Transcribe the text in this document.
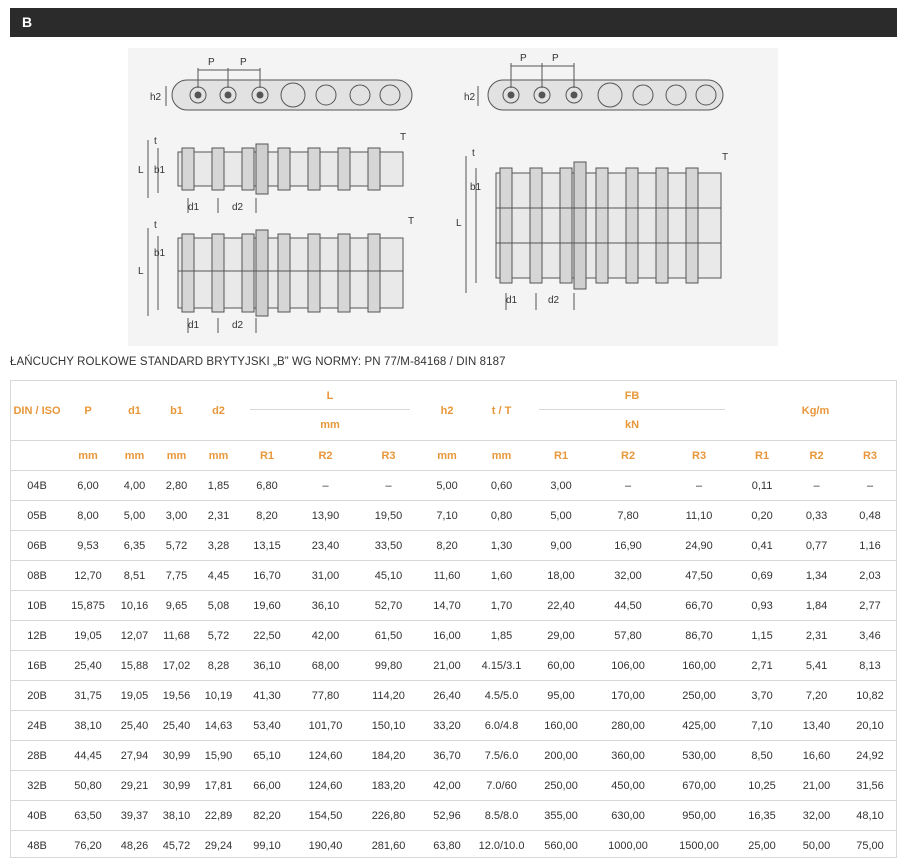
B
P	P	P	P
h2	h2
t	T
b1
L
d1	d2
t	T
b1
L
d1	d2
t	T
b1
L
d1	d2
ŁAŃCUCHY ROLKOWE STANDARD BRYTYJSKI „B” WG NORMY: PN 77/M-84168 / DIN 8187
DIN / ISO	P	d1	b1	d2	L			h2	t / T	FB			Kg/m		
					mm					kN					
	mm	mm	mm	mm	R1	R2	R3	mm	mm	R1	R2	R3	R1	R2	R3
04B	6,00	4,00	2,80	1,85	6,80	–	–	5,00	0,60	3,00	–	–	0,11	–	–
05B	8,00	5,00	3,00	2,31	8,20	13,90	19,50	7,10	0,80	5,00	7,80	11,10	0,20	0,33	0,48
06B	9,53	6,35	5,72	3,28	13,15	23,40	33,50	8,20	1,30	9,00	16,90	24,90	0,41	0,77	1,16
08B	12,70	8,51	7,75	4,45	16,70	31,00	45,10	11,60	1,60	18,00	32,00	47,50	0,69	1,34	2,03
10B	15,875	10,16	9,65	5,08	19,60	36,10	52,70	14,70	1,70	22,40	44,50	66,70	0,93	1,84	2,77
12B	19,05	12,07	11,68	5,72	22,50	42,00	61,50	16,00	1,85	29,00	57,80	86,70	1,15	2,31	3,46
16B	25,40	15,88	17,02	8,28	36,10	68,00	99,80	21,00	4.15/3.1	60,00	106,00	160,00	2,71	5,41	8,13
20B	31,75	19,05	19,56	10,19	41,30	77,80	114,20	26,40	4.5/5.0	95,00	170,00	250,00	3,70	7,20	10,82
24B	38,10	25,40	25,40	14,63	53,40	101,70	150,10	33,20	6.0/4.8	160,00	280,00	425,00	7,10	13,40	20,10
28B	44,45	27,94	30,99	15,90	65,10	124,60	184,20	36,70	7.5/6.0	200,00	360,00	530,00	8,50	16,60	24,92
32B	50,80	29,21	30,99	17,81	66,00	124,60	183,20	42,00	7.0/60	250,00	450,00	670,00	10,25	21,00	31,56
40B	63,50	39,37	38,10	22,89	82,20	154,50	226,80	52,96	8.5/8.0	355,00	630,00	950,00	16,35	32,00	48,10
48B	76,20	48,26	45,72	29,24	99,10	190,40	281,60	63,80	12.0/10.0	560,00	1000,00	1500,00	25,00	50,00	75,00
